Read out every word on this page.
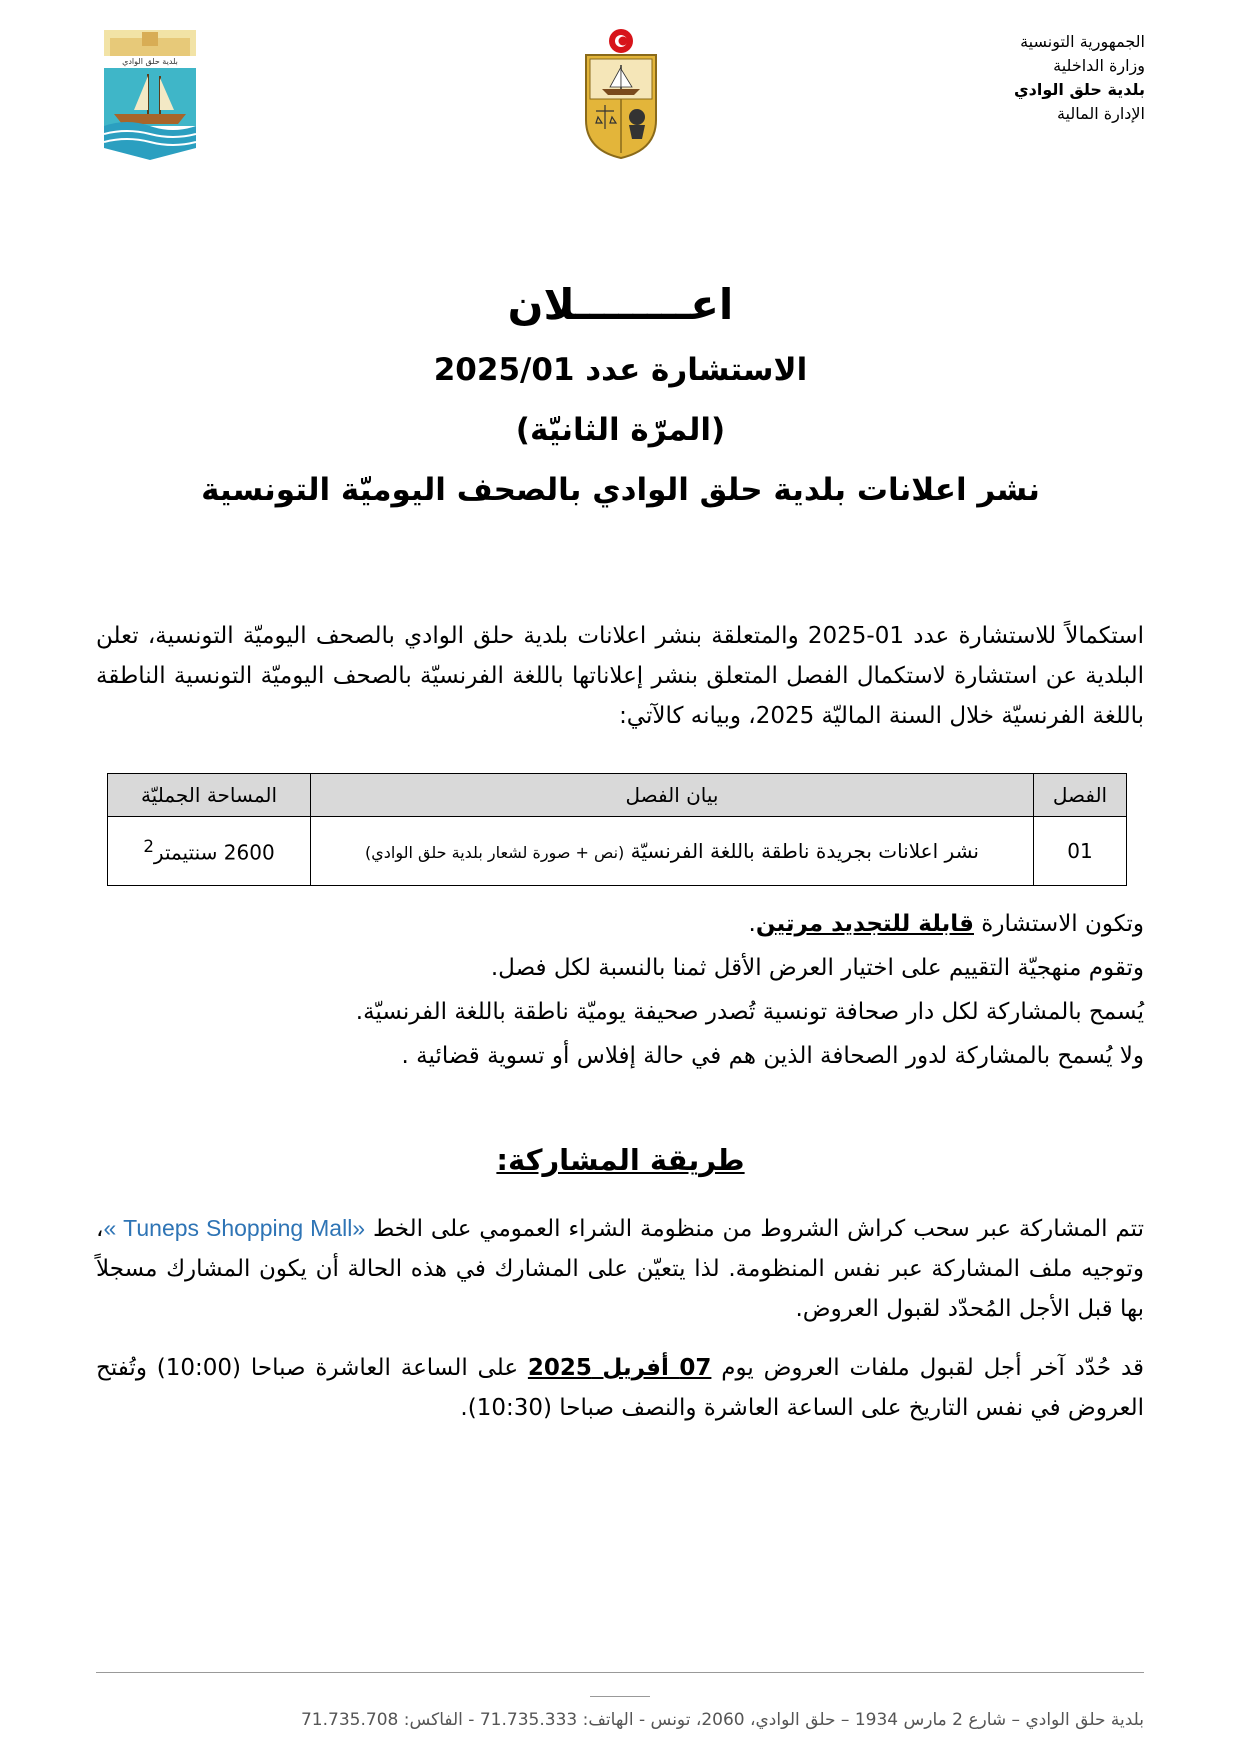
بلدية حلق الوادي
الجمهورية التونسية
وزارة الداخلية
بلدية حلق الوادي
الإدارة المالية
اعــــــــلان
الاستشارة عدد 2025/01
(المرّة الثانيّة)
نشر اعلانات بلدية حلق الوادي بالصحف اليوميّة التونسية

استكمالاً للاستشارة عدد 01-2025 والمتعلقة بنشر اعلانات بلدية حلق الوادي بالصحف اليوميّة التونسية، تعلن البلدية عن استشارة لاستكمال الفصل المتعلق بنشر إعلاناتها باللغة الفرنسيّة بالصحف اليوميّة التونسية الناطقة باللغة الفرنسيّة خلال السنة الماليّة 2025، وبيانه كالآتي:

الفصل	بيان الفصل	المساحة الجمليّة
01	نشر اعلانات بجريدة ناطقة باللغة الفرنسيّة (نص + صورة لشعار بلدية حلق الوادي)	2600 سنتيمتر$^2$
وتكون الاستشارة قابلة للتجديد مرتين.
وتقوم منهجيّة التقييم على اختيار العرض الأقل ثمنا بالنسبة لكل فصل.
يُسمح بالمشاركة لكل دار صحافة تونسية تُصدر صحيفة يوميّة ناطقة باللغة الفرنسيّة.
ولا يُسمح بالمشاركة لدور الصحافة الذين هم في حالة إفلاس أو تسوية قضائية .
طريقة المشاركة:

تتم المشاركة عبر سحب كراش الشروط من منظومة الشراء العمومي على الخط « Tuneps Shopping Mall»، وتوجيه ملف المشاركة عبر نفس المنظومة. لذا يتعيّن على المشارك في هذه الحالة أن يكون المشارك مسجلاً بها قبل الأجل المُحدّد لقبول العروض.

قد حُدّد آخر أجل لقبول ملفات العروض يوم 07 أفريل 2025 على الساعة العاشرة صباحا (10:00) وتُفتح العروض في نفس التاريخ على الساعة العاشرة والنصف صباحا (10:30).

بلدية حلق الوادي – شارع 2 مارس 1934 – حلق الوادي، 2060، تونس - الهاتف: 71.735.333 - الفاكس: 71.735.708
